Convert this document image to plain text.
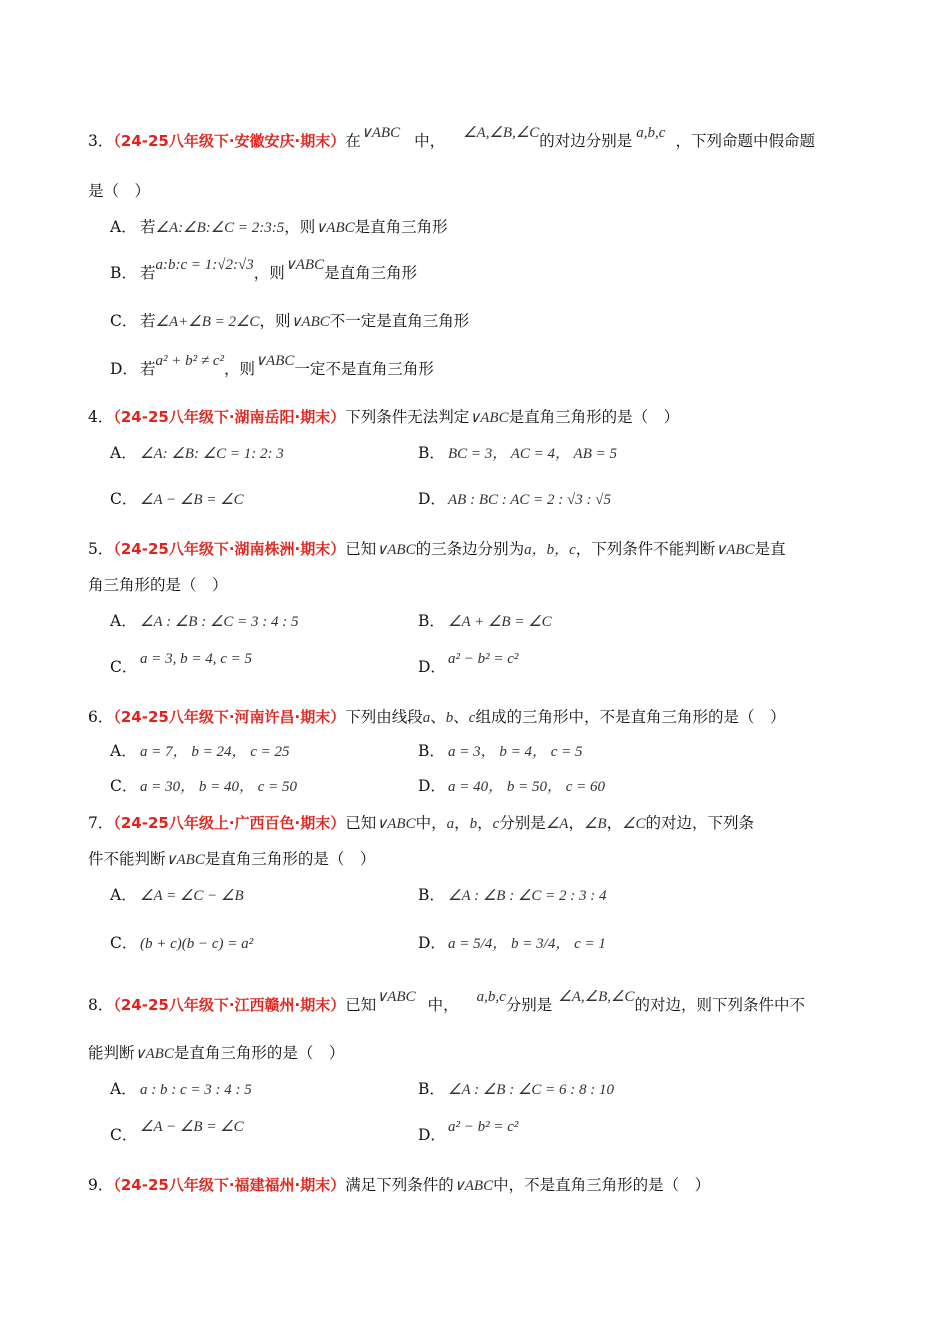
3．（24-25八年级下·安徽安庆·期末）在∨ABC 中， ∠A,∠B,∠C的对边分别是 a,b,c ，下列命题中假命题
是（　）
A． 若∠A:∠B:∠C = 2:3:5，则∨ABC是直角三角形
B． 若a:b:c = 1:√2:√3，则∨ABC是直角三角形
C． 若∠A+∠B = 2∠C，则∨ABC不一定是直角三角形
D． 若a² + b² ≠ c²，则∨ABC一定不是直角三角形
4．（24-25八年级下·湖南岳阳·期末）下列条件无法判定∨ABC是直角三角形的是（　）
A． ∠A: ∠B: ∠C = 1: 2: 3	B． BC = 3， AC = 4， AB = 5
C． ∠A − ∠B = ∠C	D． AB : BC : AC = 2 : √3 : √5
5．（24-25八年级下·湖南株洲·期末）已知∨ABC的三条边分别为a，b，c，下列条件不能判断∨ABC是直
角三角形的是（　）
A． ∠A : ∠B : ∠C = 3 : 4 : 5	B． ∠A + ∠B = ∠C
C． a = 3, b = 4, c = 5	D． a² − b² = c²
6．（24-25八年级下·河南许昌·期末）下列由线段a、b、c组成的三角形中，不是直角三角形的是（　）
A． a = 7， b = 24， c = 25	B． a = 3， b = 4， c = 5
C． a = 30， b = 40， c = 50	D． a = 40， b = 50， c = 60
7．（24-25八年级上·广西百色·期末）已知∨ABC中，a，b，c分别是∠A，∠B，∠C的对边，下列条
件不能判断∨ABC是直角三角形的是（　）
A． ∠A = ∠C − ∠B	B． ∠A : ∠B : ∠C = 2 : 3 : 4
C． (b + c)(b − c) = a²	D． a = 5/4， b = 3/4， c = 1
8．（24-25八年级下·江西赣州·期末）已知∨ABC 中， a,b,c分别是 ∠A,∠B,∠C的对边，则下列条件中不
能判断∨ABC是直角三角形的是（　）
A． a : b : c = 3 : 4 : 5	B． ∠A : ∠B : ∠C = 6 : 8 : 10
C． ∠A − ∠B = ∠C	D． a² − b² = c²
9．（24-25八年级下·福建福州·期末）满足下列条件的∨ABC中，不是直角三角形的是（　）
